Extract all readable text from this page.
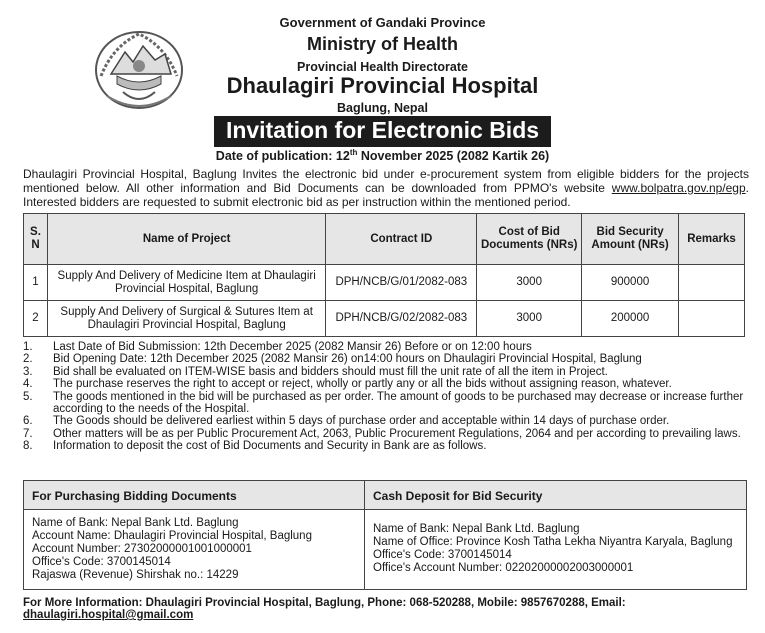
Government of Gandaki Province
Ministry of Health
Provincial Health Directorate
Dhaulagiri Provincial Hospital
Baglung, Nepal
Invitation for Electronic Bids
Date of publication: 12th November 2025 (2082 Kartik 26)

Dhaulagiri Provincial Hospital, Baglung Invites the electronic bid under e-procurement system from eligible bidders for the projects mentioned below. All other information and Bid Documents can be downloaded from PPMO's website www.bolpatra.gov.np/egp. Interested bidders are requested to submit electronic bid as per instruction within the mentioned period.

S.
N	Name of Project	Contract ID	Cost of Bid Documents (NRs)	Bid Security Amount (NRs)	Remarks
1	Supply And Delivery of Medicine Item at Dhaulagiri Provincial Hospital, Baglung	DPH/NCB/G/01/2082-083	3000	900000	
2	Supply And Delivery of Surgical & Sutures Item at Dhaulagiri Provincial Hospital, Baglung	DPH/NCB/G/02/2082-083	3000	200000	
1. Last Date of Bid Submission: 12th December 2025 (2082 Mansir 26) Before or on 12:00 hours
2. Bid Opening Date: 12th December 2025 (2082 Mansir 26) on14:00 hours on Dhaulagiri Provincial Hospital, Baglung
3. Bid shall be evaluated on ITEM-WISE basis and bidders should must fill the unit rate of all the item in Project.
4. The purchase reserves the right to accept or reject, wholly or partly any or all the bids without assigning reason, whatever.
5. The goods mentioned in the bid will be purchased as per order. The amount of goods to be purchased may decrease or increase further according to the needs of the Hospital.
6. The Goods should be delivered earliest within 5 days of purchase order and acceptable within 14 days of purchase order.
7. Other matters will be as per Public Procurement Act, 2063, Public Procurement Regulations, 2064 and per according to prevailing laws.
8. Information to deposit the cost of Bid Documents and Security in Bank are as follows.
For Purchasing Bidding Documents
Name of Bank: Nepal Bank Ltd. Baglung
Account Name: Dhaulagiri Provincial Hospital, Baglung
Account Number: 27302000001001000001
Office's Code: 3700145014
Rajaswa (Revenue) Shirshak no.: 14229
Cash Deposit for Bid Security
Name of Bank: Nepal Bank Ltd. Baglung
Name of Office: Province Kosh Tatha Lekha Niyantra Karyala, Baglung
Office's Code: 3700145014
Office's Account Number: 02202000002003000001
For More Information: Dhaulagiri Provincial Hospital, Baglung, Phone: 068-520288, Mobile: 9857670288, Email: dhaulagiri.hospital@gmail.com
